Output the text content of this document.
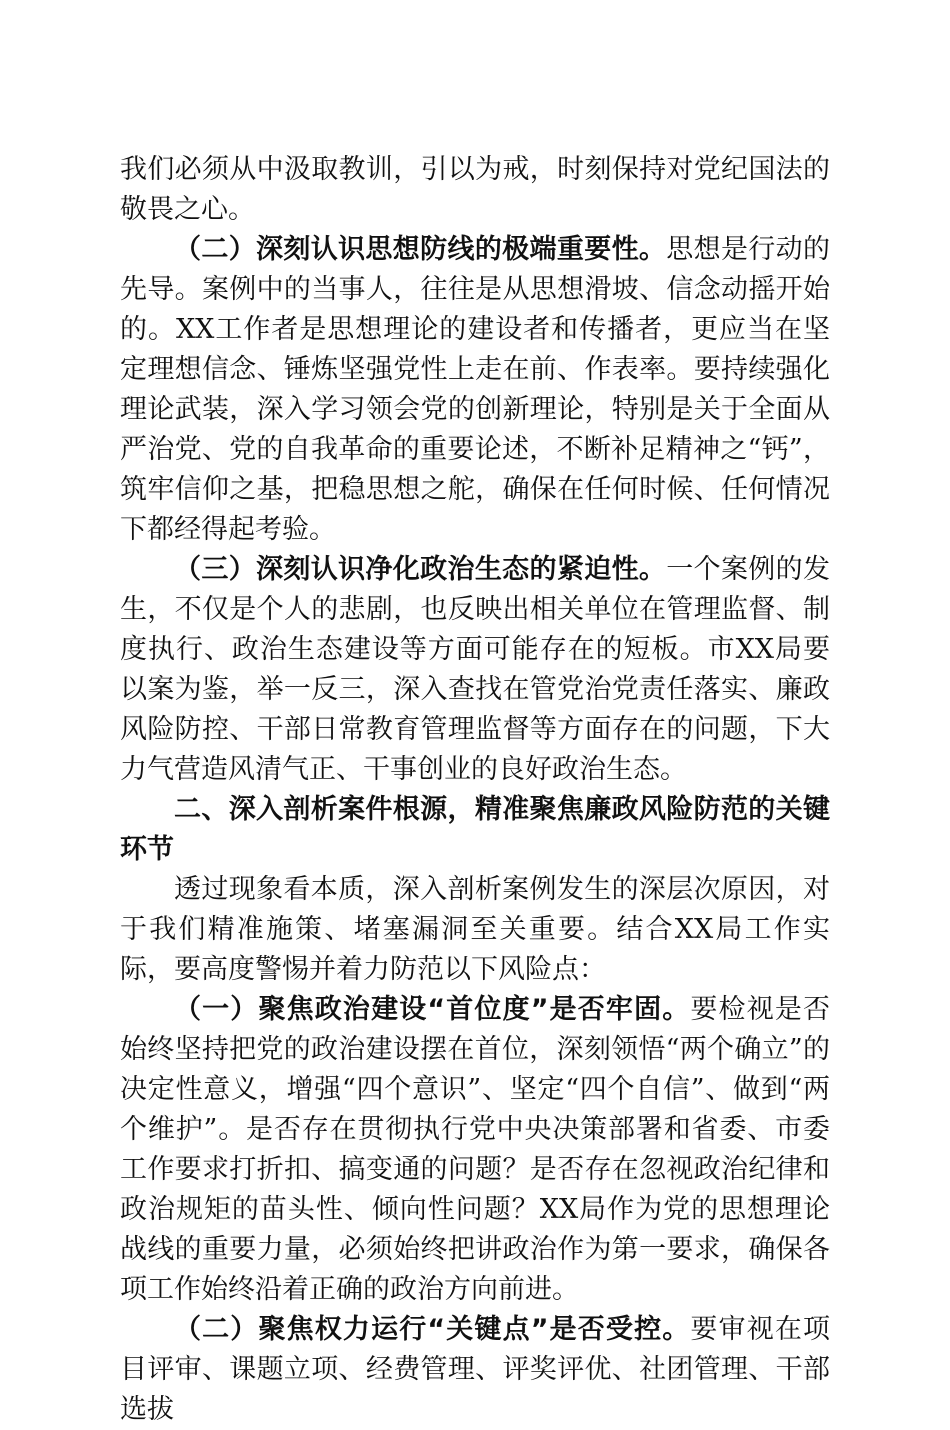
我们必须从中汲取教训，引以为戒，时刻保持对党纪国法的敬畏之心。

（二）深刻认识思想防线的极端重要性。思想是行动的先导。案例中的当事人，往往是从思想滑坡、信念动摇开始的。XX工作者是思想理论的建设者和传播者，更应当在坚定理想信念、锤炼坚强党性上走在前、作表率。要持续强化理论武装，深入学习领会党的创新理论，特别是关于全面从严治党、党的自我革命的重要论述，不断补足精神之“钙”，筑牢信仰之基，把稳思想之舵，确保在任何时候、任何情况下都经得起考验。

（三）深刻认识净化政治生态的紧迫性。一个案例的发生，不仅是个人的悲剧，也反映出相关单位在管理监督、制度执行、政治生态建设等方面可能存在的短板。市XX局要以案为鉴，举一反三，深入查找在管党治党责任落实、廉政风险防控、干部日常教育管理监督等方面存在的问题，下大力气营造风清气正、干事创业的良好政治生态。

二、深入剖析案件根源，精准聚焦廉政风险防范的关键环节

透过现象看本质，深入剖析案例发生的深层次原因，对于我们精准施策、堵塞漏洞至关重要。结合XX局工作实际，要高度警惕并着力防范以下风险点：

（一）聚焦政治建设“首位度”是否牢固。要检视是否始终坚持把党的政治建设摆在首位，深刻领悟“两个确立”的决定性意义，增强“四个意识”、坚定“四个自信”、做到“两个维护”。是否存在贯彻执行党中央决策部署和省委、市委工作要求打折扣、搞变通的问题？是否存在忽视政治纪律和政治规矩的苗头性、倾向性问题？XX局作为党的思想理论战线的重要力量，必须始终把讲政治作为第一要求，确保各项工作始终沿着正确的政治方向前进。

（二）聚焦权力运行“关键点”是否受控。要审视在项目评审、课题立项、经费管理、评奖评优、社团管理、干部选拔
